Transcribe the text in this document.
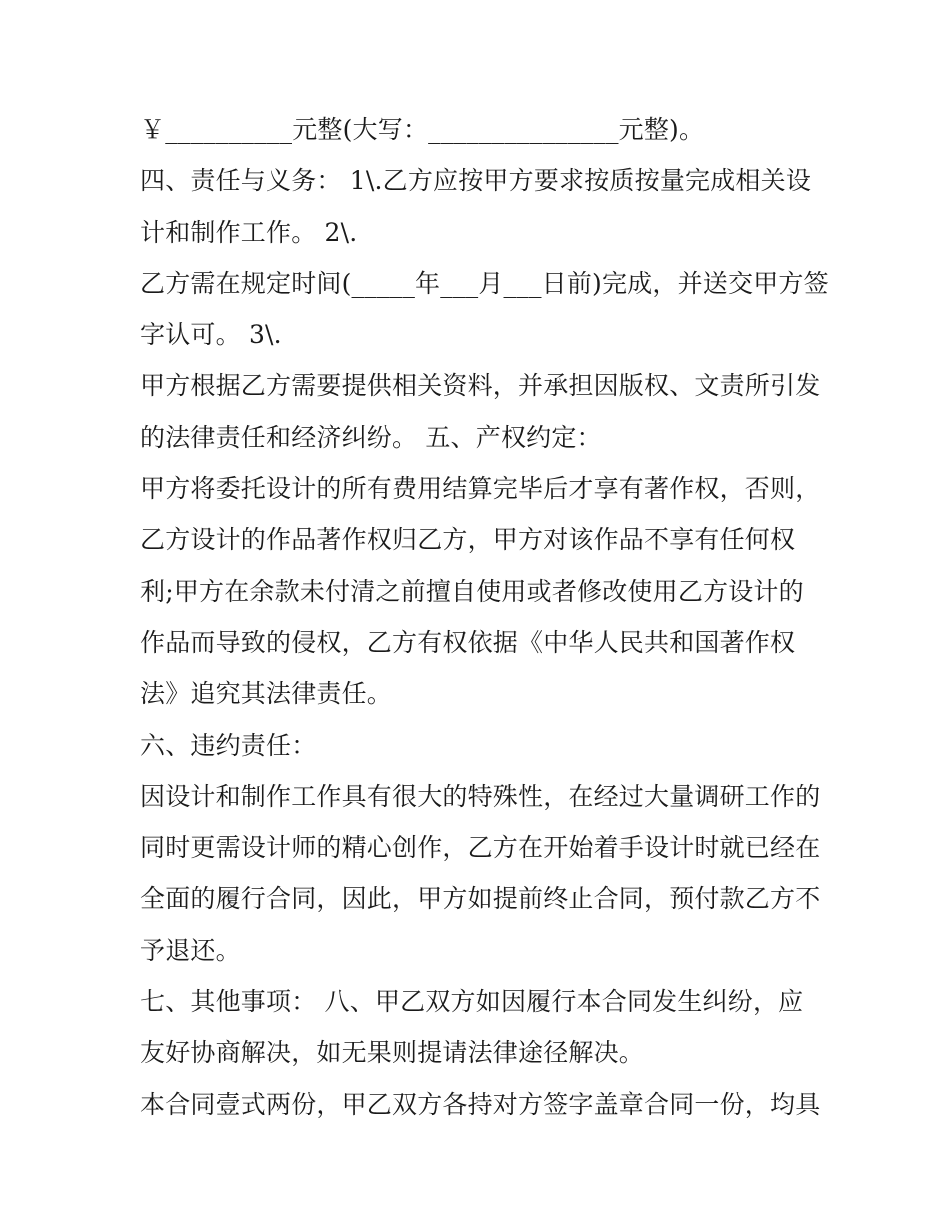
￥__________元整(大写：_______________元整)。
四、责任与义务： 1\.乙方应按甲方要求按质按量完成相关设
计和制作工作。 2\.
乙方需在规定时间(_____年___月___日前)完成，并送交甲方签
字认可。 3\.
甲方根据乙方需要提供相关资料，并承担因版权、文责所引发
的法律责任和经济纠纷。 五、产权约定：
甲方将委托设计的所有费用结算完毕后才享有著作权，否则，
乙方设计的作品著作权归乙方，甲方对该作品不享有任何权
利;甲方在余款未付清之前擅自使用或者修改使用乙方设计的
作品而导致的侵权，乙方有权依据《中华人民共和国著作权
法》追究其法律责任。
六、违约责任：
因设计和制作工作具有很大的特殊性，在经过大量调研工作的
同时更需设计师的精心创作，乙方在开始着手设计时就已经在
全面的履行合同，因此，甲方如提前终止合同，预付款乙方不
予退还。
七、其他事项： 八、甲乙双方如因履行本合同发生纠纷，应
友好协商解决，如无果则提请法律途径解决。
本合同壹式两份，甲乙双方各持对方签字盖章合同一份，均具
